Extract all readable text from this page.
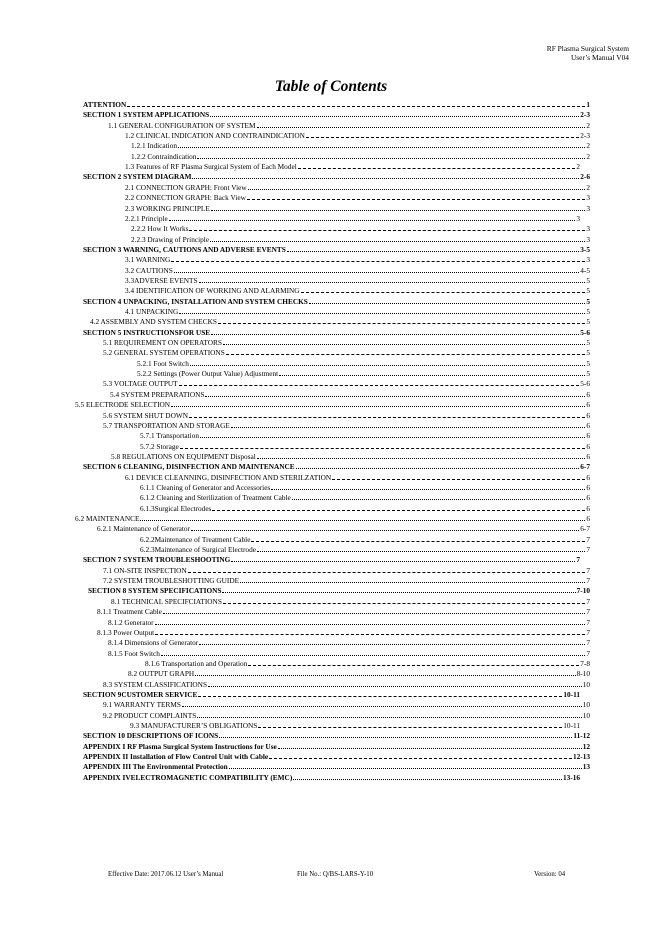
RF Plasma Surgical System
User’s Manual V04
Table of Contents
ATTENTION	1
SECTION 1 SYSTEM APPLICATIONS	2-3
1.1 GENERAL CONFIGURATION OF SYSTEM	2
1.2 CLINICAL INDICATION AND CONTRAINDICATION	2-3
1.2.1 Indication	2
1.2.2 Contraindication	2
1.3 Features of RF Plasma Surgical System of Each Model	2
SECTION 2 SYSTEM DIAGRAM	2-6
2.1 CONNECTION GRAPH: Front View	2
2.2 CONNECTION GRAPH: Back View	3
2.3 WORKING PRINCIPLE	3
2.2.1 Principle	3
2.2.2 How It Works	3
2.2.3 Drawing of Principle	3
SECTION 3 WARNING, CAUTIONS AND ADVERSE EVENTS	3-5
3.1 WARNING	3
3.2 CAUTIONS	4-5
3.3ADVERSE EVENTS	5
3.4 IDENTIFICATION OF WORKING AND ALARMING	5
SECTION 4 UNPACKING, INSTALLATION AND SYSTEM CHECKS	5
4.1 UNPACKING	5
4.2 ASSEMBLY AND SYSTEM CHECKS	5
SECTION 5 INSTRUCTIONSFOR USE	5-6
5.1 REQUIREMENT ON OPERATORS	5
5.2 GENERAL SYSTEM OPERATIONS	5
5.2.1 Foot Switch	5
5.2.2 Settings (Power Output Value) Adjustment	5
5.3 VOLTAGE OUTPUT	5-6
5.4 SYSTEM PREPARATIONS	6
5.5 ELECTRODE SELECTION	6
5.6 SYSTEM SHUT DOWN	6
5.7 TRANSPORTATION AND STORAGE	6
5.7.1 Transportation	6
5.7.2 Storage	6
5.8 REGULATIONS ON EQUIPMENT Disposal	6
SECTION 6 CLEANING, DISINFECTION AND MAINTENANCE	6-7
6.1 DEVICE CLEANNING, DISINFECTION AND STERILZATION	6
6.1.1 Cleaning of Generator and Accessories	6
6.1.2 Cleaning and Sterilization of Treatment Cable	6
6.1.3Surgical Electrodes	6
6.2 MAINTENANCE	6
6.2.1 Maintenance of Generator	6-7
6.2.2Maintenance of Treatment Cable	7
6.2.3Maintenance of Surgical Electrode	7
SECTION 7 SYSTEM TROUBLESHOOTING	7
7.1 ON-SITE INSPECTION	7
7.2 SYSTEM TROUBLESHOTTING GUIDE	7
SECTION 8 SYSTEM SPECIFICATIONS	7-10
8.1 TECHNICAL SPECIFCIATIONS	7
8.1.1 Treatment Cable	7
8.1.2 Generator	7
8.1.3 Power Output	7
8.1.4 Dimensions of Generator	7
8.1.5 Foot Switch	7
8.1.6 Transportation and Operation	7-8
8.2 OUTPUT GRAPH	8-10
8.3 SYSTEM CLASSIFICATIONS	10
SECTION 9CUSTOMER SERVICE	10-11
9.1 WARRANTY TERMS	10
9.2 PRODUCT COMPLAINTS	10
9.3 MANUFACTURER’S OBLIGATIONS	10-11
SECTION 10 DESCRIPTIONS OF ICONS	11-12
APPENDIX I RF Plasma Surgical System Instructions for Use	12
APPENDIX II Installation of Flow Control Unit with Cable	12-13
APPENDIX III The Environmental Protection	13
APPENDIX IVELECTROMAGNETIC COMPATIBILITY (EMC)	13-16
Effective Date: 2017.06.12 User’s Manual	File No.: Q/BS-LARS-Y-10	Version: 04
